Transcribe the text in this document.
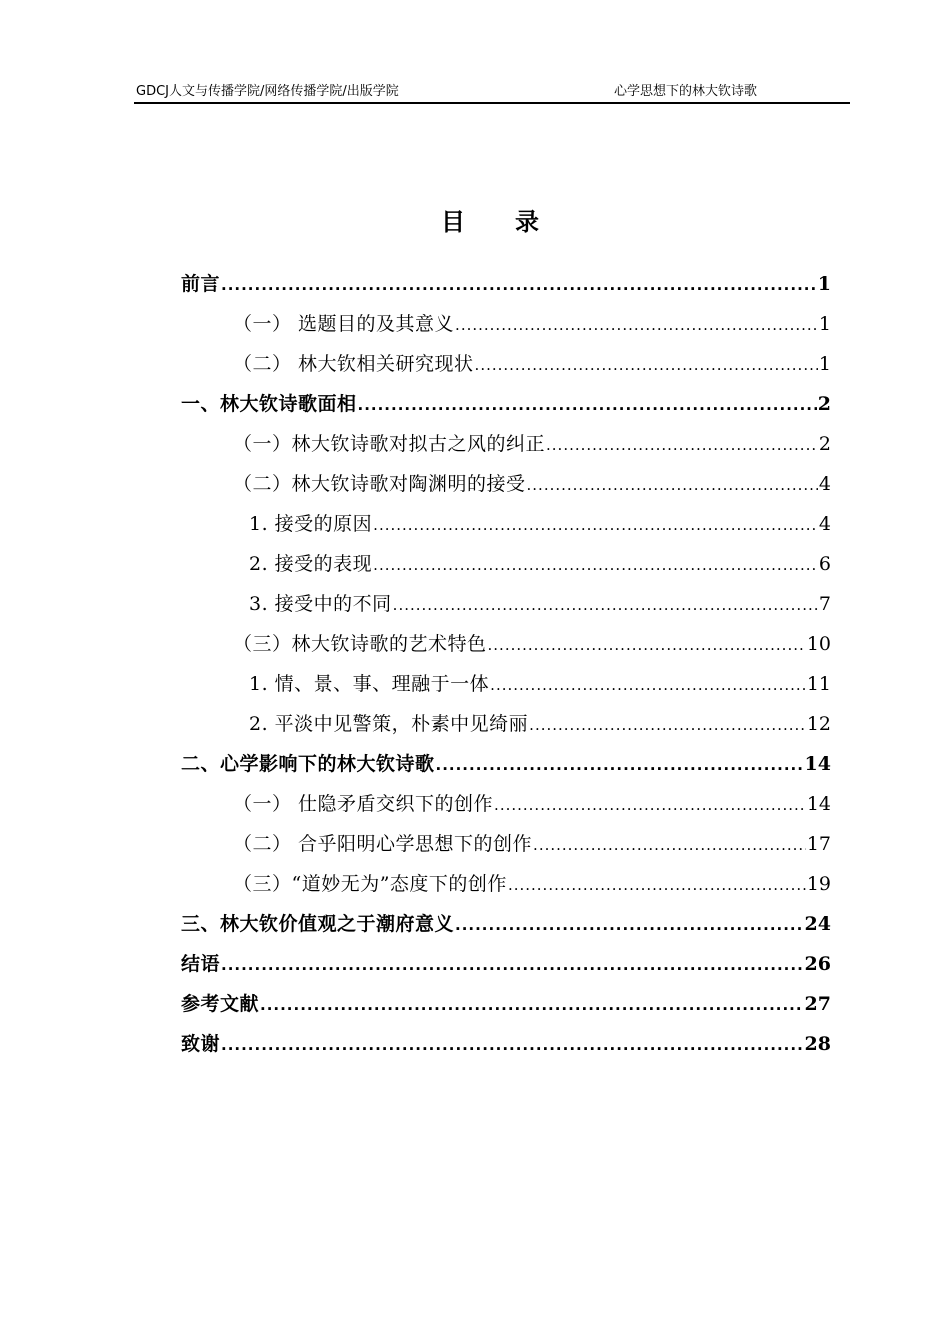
GDCJ人文与传播学院/网络传播学院/出版学院	心学思想下的林大钦诗歌
目录
前言 .....	1
（一） 选题目的及其意义 .....	1
（二） 林大钦相关研究现状 .....	1
一、林大钦诗歌面相 .....	2
（一）林大钦诗歌对拟古之风的纠正 .....	2
（二）林大钦诗歌对陶渊明的接受 .....	4
1. 接受的原因 .....	4
2. 接受的表现 .....	6
3. 接受中的不同 .....	7
（三）林大钦诗歌的艺术特色 .....	10
1. 情、景、事、理融于一体 .....	11
2. 平淡中见警策，朴素中见绮丽 .....	12
二、心学影响下的林大钦诗歌 .....	14
（一） 仕隐矛盾交织下的创作 .....	14
（二） 合乎阳明心学思想下的创作 .....	17
（三）“道妙无为”态度下的创作 .....	19
三、林大钦价值观之于潮府意义 .....	24
结语 .....	26
参考文献 .....	27
致谢 .....	28
